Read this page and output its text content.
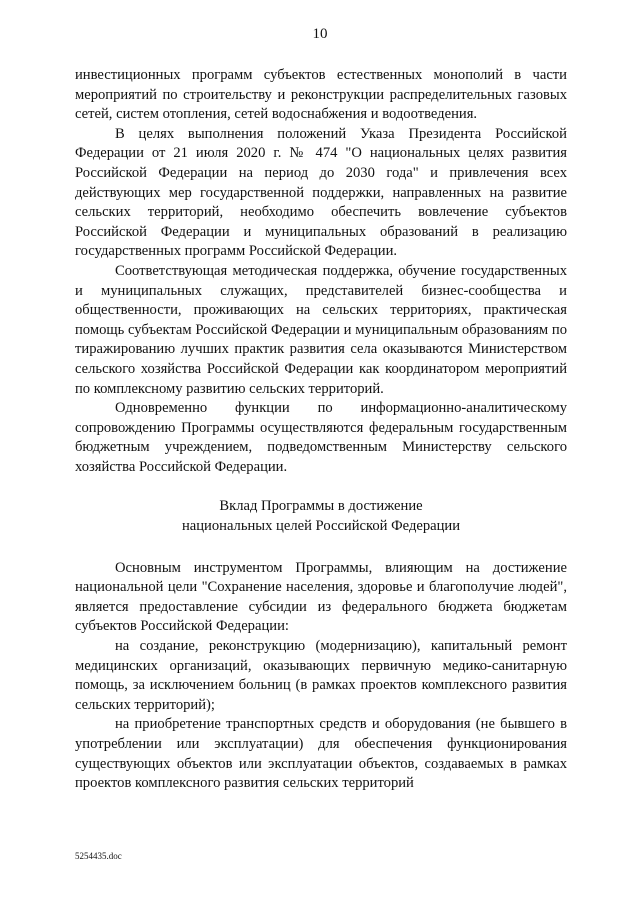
10

инвестиционных программ субъектов естественных монополий в части мероприятий по строительству и реконструкции распределительных газовых сетей, систем отопления, сетей водоснабжения и водоотведения.

В целях выполнения положений Указа Президента Российской Федерации от 21 июля 2020 г. № 474 "О национальных целях развития Российской Федерации на период до 2030 года" и привлечения всех действующих мер государственной поддержки, направленных на развитие сельских территорий, необходимо обеспечить вовлечение субъектов Российской Федерации и муниципальных образований в реализацию государственных программ Российской Федерации.

Соответствующая методическая поддержка, обучение государственных и муниципальных служащих, представителей бизнес-сообщества и общественности, проживающих на сельских территориях, практическая помощь субъектам Российской Федерации и муниципальным образованиям по тиражированию лучших практик развития села оказываются Министерством сельского хозяйства Российской Федерации как координатором мероприятий по комплексному развитию сельских территорий.

Одновременно функции по информационно-аналитическому сопровождению Программы осуществляются федеральным государственным бюджетным учреждением, подведомственным Министерству сельского хозяйства Российской Федерации.

Вклад Программы в достижение
национальных целей Российской Федерации

Основным инструментом Программы, влияющим на достижение национальной цели "Сохранение населения, здоровье и благополучие людей", является предоставление субсидии из федерального бюджета бюджетам субъектов Российской Федерации:

на создание, реконструкцию (модернизацию), капитальный ремонт медицинских организаций, оказывающих первичную медико-санитарную помощь, за исключением больниц (в рамках проектов комплексного развития сельских территорий);

на приобретение транспортных средств и оборудования (не бывшего в употреблении или эксплуатации) для обеспечения функционирования существующих объектов или эксплуатации объектов, создаваемых в рамках проектов комплексного развития сельских территорий

5254435.doc
